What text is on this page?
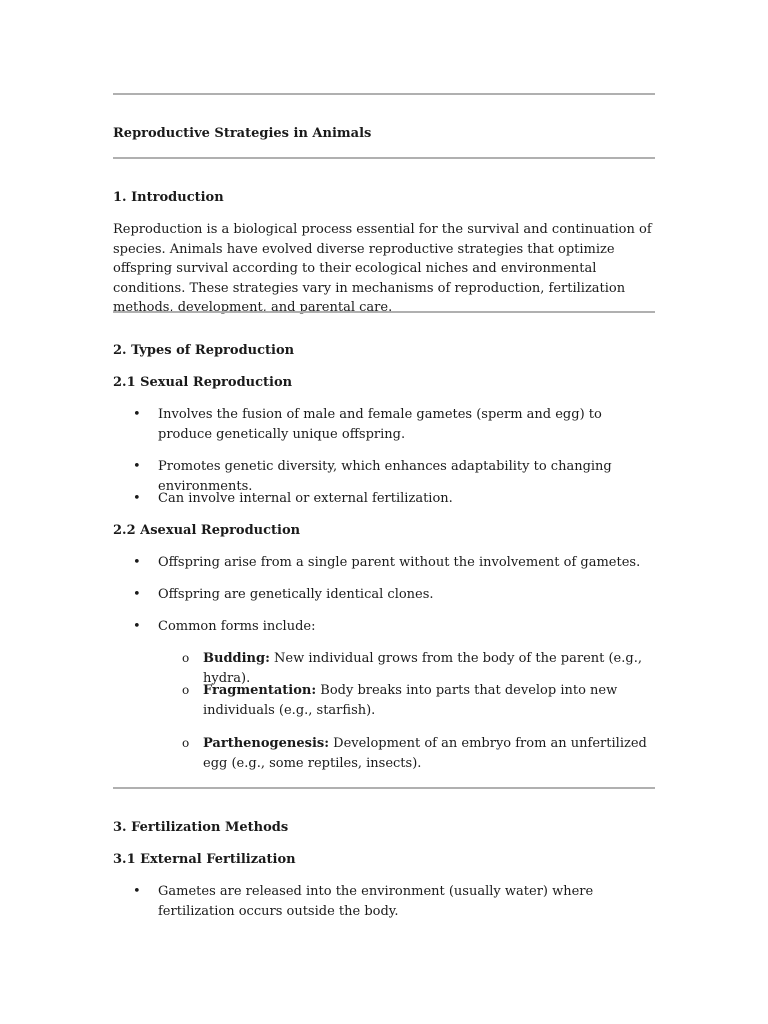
Reproductive Strategies in Animals

1. Introduction

Reproduction is a biological process essential for the survival and continuation of species. Animals have evolved diverse reproductive strategies that optimize offspring survival according to their ecological niches and environmental conditions. These strategies vary in mechanisms of reproduction, fertilization methods, development, and parental care.

2. Types of Reproduction

2.1 Sexual Reproduction

• Involves the fusion of male and female gametes (sperm and egg) to produce genetically unique offspring.
• Promotes genetic diversity, which enhances adaptability to changing environments.
• Can involve internal or external fertilization.

2.2 Asexual Reproduction

• Offspring arise from a single parent without the involvement of gametes.
• Offspring are genetically identical clones.
• Common forms include:
o Budding: New individual grows from the body of the parent (e.g., hydra).
o Fragmentation: Body breaks into parts that develop into new individuals (e.g., starfish).
o Parthenogenesis: Development of an embryo from an unfertilized egg (e.g., some reptiles, insects).

3. Fertilization Methods

3.1 External Fertilization

• Gametes are released into the environment (usually water) where fertilization occurs outside the body.
